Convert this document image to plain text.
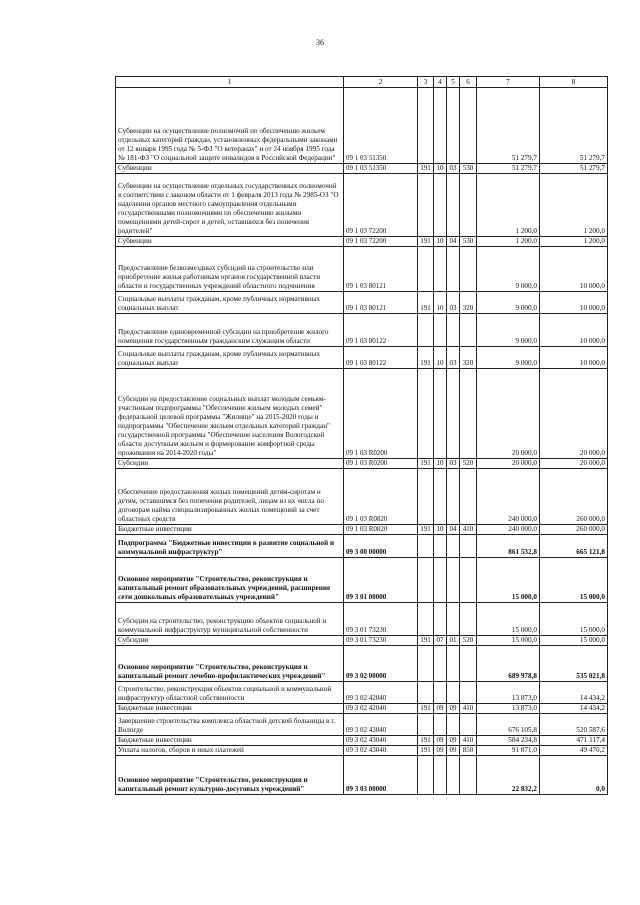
36
1	2	3	4	5	6	7	8
Субвенции на осуществление полномочий по обеспечению жильем отдельных категорий граждан, установленных федеральными законами от 12 января 1995 года № 5-ФЗ "О ветеранах" и от 24 ноября 1995 года № 181-ФЗ "О социальной защите инвалидов в Российской Федерации"	09 1 03 51350					51 279,7	51 279,7
Субвенции	09 1 03 51350	191	10	03	530	51 279,7	51 279,7
Субвенции на осуществление отдельных государственных полномочий в соответствии с законом области от 1 февраля 2013 года № 2985-ОЗ "О наделении органов местного самоуправления отдельными государственными полномочиями по обеспечению жилыми помещениями детей-сирот и детей, оставшихся без попечения родителей"	09 1 03 72200					1 200,0	1 200,0
Субвенции	09 1 03 72200	191	10	04	530	1 200,0	1 200,0
Предоставление безвозмездных субсидий на строительство или приобретение жилья работникам органов государственной власти области и государственных учреждений областного подчинения	09 1 03 80121					9 000,0	10 000,0
Социальные выплаты гражданам, кроме публичных нормативных социальных выплат	09 1 03 80121	191	10	03	320	9 000,0	10 000,0
Предоставление единовременной субсидии на приобретение жилого помещения государственным гражданским служащим области	09 1 03 80122					9 000,0	10 000,0
Социальные выплаты гражданам, кроме публичных нормативных социальных выплат	09 1 03 80122	191	10	03	320	9 000,0	10 000,0
Субсидии на предоставление социальных выплат молодым семьям-участникам подпрограммы "Обеспечение жильем молодых семей" федеральной целевой программы "Жилище" на 2015-2020 годы и подпрограммы "Обеспечение жильем отдельных категорий граждан" государственной программы "Обеспечение населения Вологодской области доступным жильем и формирование комфортной среды проживания на 2014-2020 годы"	09 1 03 R0200					20 000,0	20 000,0
Субсидии	09 1 03 R0200	191	10	03	520	20 000,0	20 000,0
Обеспечение предоставления жилых помещений детям-сиротам и детям, оставшимся без попечения родителей, лицам из их числа по договорам найма специализированных жилых помещений за счет областных средств	09 1 03 R0820					240 000,0	260 000,0
Бюджетные инвестиции	09 1 03 R0820	191	10	04	410	240 000,0	260 000,0
Подпрограмма "Бюджетные инвестиции в развитие социальной и коммунальной инфраструктур"	09 3 00 00000					861 532,8	665 121,8
Основное мероприятие "Строительство, реконструкция и капитальный ремонт образовательных учреждений, расширение сети дошкольных образовательных учреждений"	09 3 01 00000					15 000,0	15 000,0
Субсидии на строительство, реконструкцию объектов социальной и коммунальной инфраструктур муниципальной собственности	09 3 01 73230					15 000,0	15 000,0
Субсидии	09 3 01 73230	191	07	01	520	15 000,0	15 000,0
Основное мероприятие "Строительство, реконструкция и капитальный ремонт лечебно-профилактических учреждений"	09 3 02 00000					689 978,8	535 021,8
Строительство, реконструкция объектов социальной и коммунальной инфраструктур областной собственности	09 3 02 42040					13 873,0	14 434,2
Бюджетные инвестиции	09 3 02 42040	191	09	09	410	13 873,0	14 434,2
Завершение строительства комплекса областной детской больницы в г. Вологде	09 3 02 43040					676 105,8	520 587,6
Бюджетные инвестиции	09 3 02 43040	191	09	09	410	584 234,8	471 117,4
Уплата налогов, сборов и иных платежей	09 3 02 43040	191	09	09	850	91 871,0	49 470,2
Основное мероприятие "Строительство, реконструкция и капитальный ремонт культурно-досуговых учреждений"	09 3 03 00000					22 832,2	0,0
